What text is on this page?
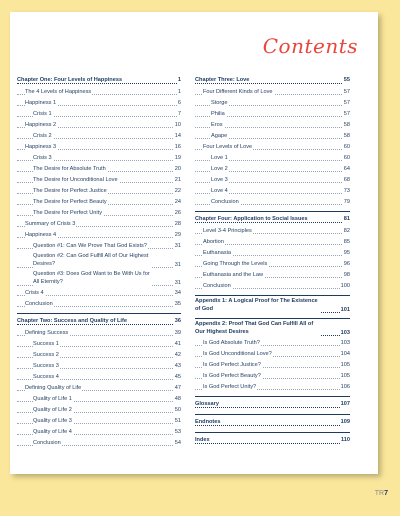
Contents
Chapter One: Four Levels of Happiness	1
The 4 Levels of Happiness	1
Happiness 1	6
Crisis 1	7
Happiness 2	10
Crisis 2	14
Happiness 3	16
Crisis 3	19
The Desire for Absolute Truth	20
The Desire for Unconditional Love	21
The Desire for Perfect Justice	22
The Desire for Perfect Beauty	24
The Desire for Perfect Unity	26
Summary of Crisis 3	28
Happiness 4	29
Question #1: Can We Prove That God Exists?	31
Question #2: Can God Fulfill All of Our Highest Desires?	31
Question #3: Does God Want to Be With Us for All Eternity?	31
Crisis 4	34
Conclusion	35
Chapter Two: Success and Quality of Life	36
Defining Success	39
Success 1	41
Success 2	42
Success 3	43
Success 4	45
Defining Quality of Life	47
Quality of Life 1	48
Quality of Life 2	50
Quality of Life 3	51
Quality of Life 4	53
Conclusion	54
Chapter Three: Love	55
Four Different Kinds of Love	57
Storge	57
Philia	57
Eros	58
Agape	58
Four Levels of Love	60
Love 1	60
Love 2	64
Love 3	68
Love 4	73
Conclusion	79
Chapter Four: Application to Social Issues	81
Level 3-4 Principles	82
Abortion	85
Euthanasia	95
Going Through the Levels	96
Euthanasia and the Law	98
Conclusion	100
Appendix 1: A Logical Proof for The Existence of God	101
Appendix 2: Proof That God Can Fulfill All of Our Highest Desires	103
Is God Absolute Truth?	103
Is God Unconditional Love?	104
Is God Perfect Justice?	105
Is God Perfect Beauty?	105
Is God Perfect Unity?	106
Glossary	107
Endnotes	109
Index	110
TR7
